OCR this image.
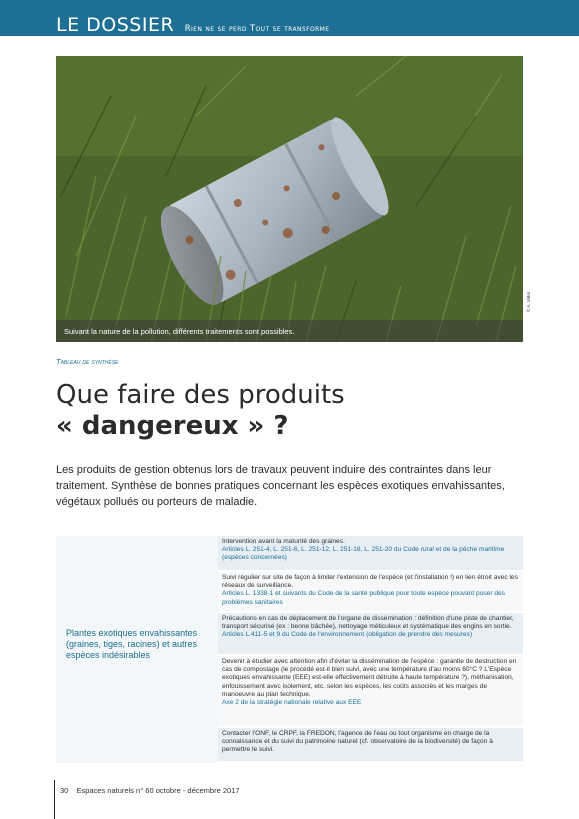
LE DOSSIER Rien ne se perd Tout se transforme
Suivant la nature de la pollution, différents traitements sont possibles.
© A. Vidal
Tableau de synthèse
Que faire des produits
« dangereux » ?
Les produits de gestion obtenus lors de travaux peuvent induire des contraintes dans leur traitement. Synthèse de bonnes pratiques concernant les espèces exotiques envahissantes, végétaux pollués ou porteurs de maladie.
Plantes exotiques envahissantes (graines, tiges, racines) et autres espèces indésirables

Intervention avant la maturité des graines.

Articles L. 251-4, L. 251-6, L. 251-12, L. 251-18, L. 251-20 du Code rural et de la pêche maritime (espèces concernées)

Suivi régulier sur site de façon à limiter l'extension de l'espèce (et l'installation !) en lien étroit avec les réseaux de surveillance.

Articles L. 1338-1 et suivants du Code de la santé publique pour toute espèce pouvant poser des problèmes sanitaires

Précautions en cas de déplacement de l'organe de dissémination : définition d'une piste de chantier, transport sécurisé (ex : benne bâchée), nettoyage méticuleux et systématique des engins en sortie.

Articles L.411-5 et 9 du Code de l'environnement (obligation de prendre des mesures)

Devenir à étudier avec attention afin d'éviter la dissémination de l'espèce : garantie de destruction en cas de compostage (le procédé est-il bien suivi, avec une température d'au moins 60°C ? L'Espèce exotiques envahissante (EEE) est-elle effectivement détruite à haute température ?), méthanisation, enfouissement avec isolement, etc. selon les espèces, les coûts associés et les marges de manoeuvre au plan technique.

Axe 2 de la stratégie nationale relative aux EEE

Contacter l'ONF, le CRPF, la FREDON, l'agence de l'eau ou tout organisme en charge de la connaissance et du suivi du patrimoine naturel (cf. observatoire de la biodiversité) de façon à permettre le suivi.

30 Espaces naturels n° 60 octobre - décembre 2017
